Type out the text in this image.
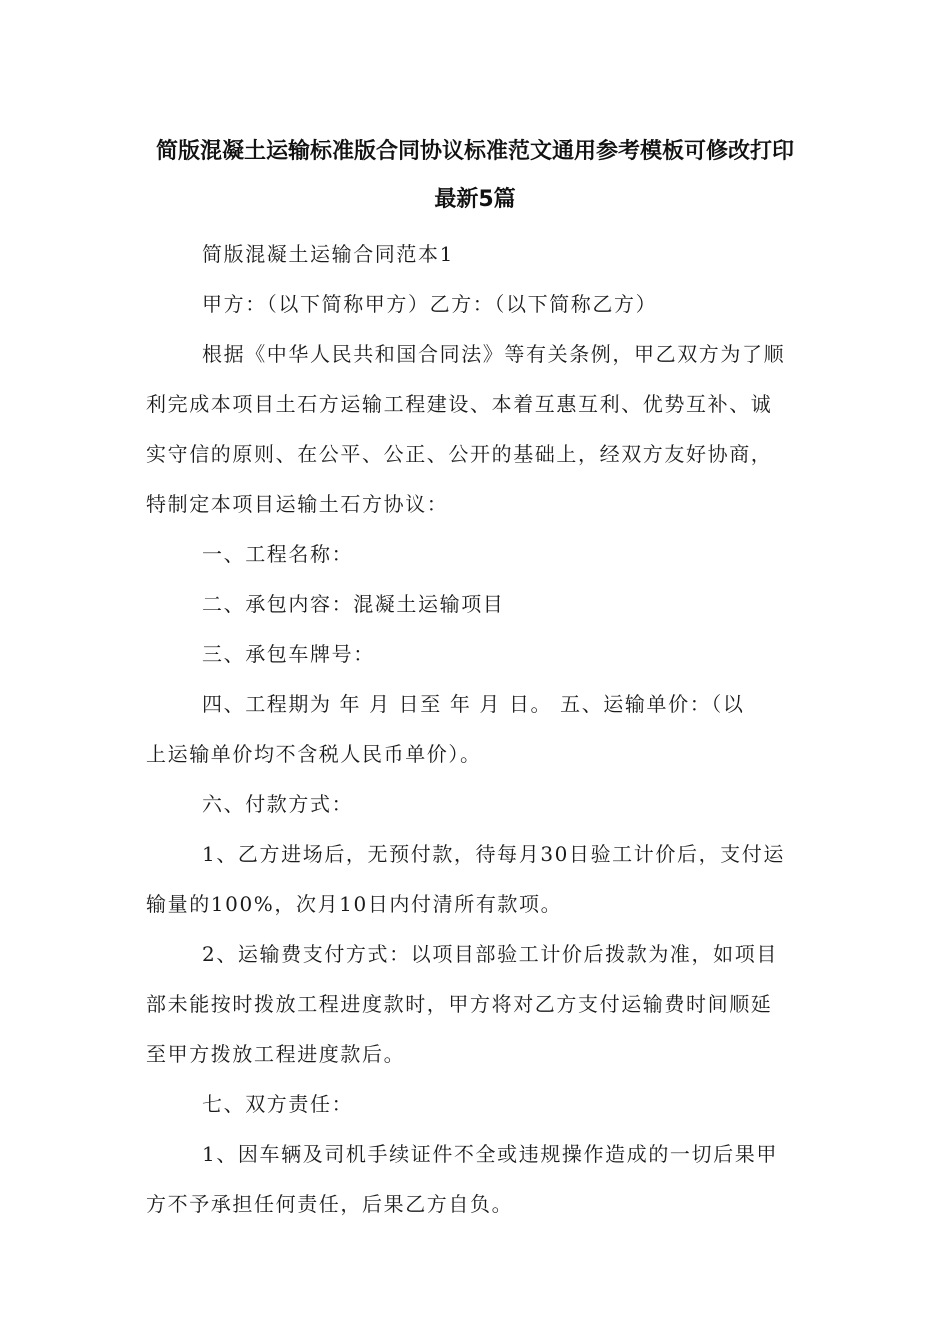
简版混凝土运输标准版合同协议标准范文通用参考模板可修改打印
最新5篇

简版混凝土运输合同范本1

甲方：（以下简称甲方）乙方：（以下简称乙方）

根据《中华人民共和国合同法》等有关条例，甲乙双方为了顺

利完成本项目土石方运输工程建设、本着互惠互利、优势互补、诚

实守信的原则、在公平、公正、公开的基础上，经双方友好协商，

特制定本项目运输土石方协议：

一、工程名称：

二、承包内容：混凝土运输项目

三、承包车牌号：

四、工程期为 年 月 日至 年 月 日。 五、运输单价：（以

上运输单价均不含税人民币单价）。

六、付款方式：

1、乙方进场后，无预付款，待每月30日验工计价后，支付运

输量的100%，次月10日内付清所有款项。

2、运输费支付方式：以项目部验工计价后拨款为准，如项目

部未能按时拨放工程进度款时，甲方将对乙方支付运输费时间顺延

至甲方拨放工程进度款后。

七、双方责任：

1、因车辆及司机手续证件不全或违规操作造成的一切后果甲

方不予承担任何责任，后果乙方自负。
